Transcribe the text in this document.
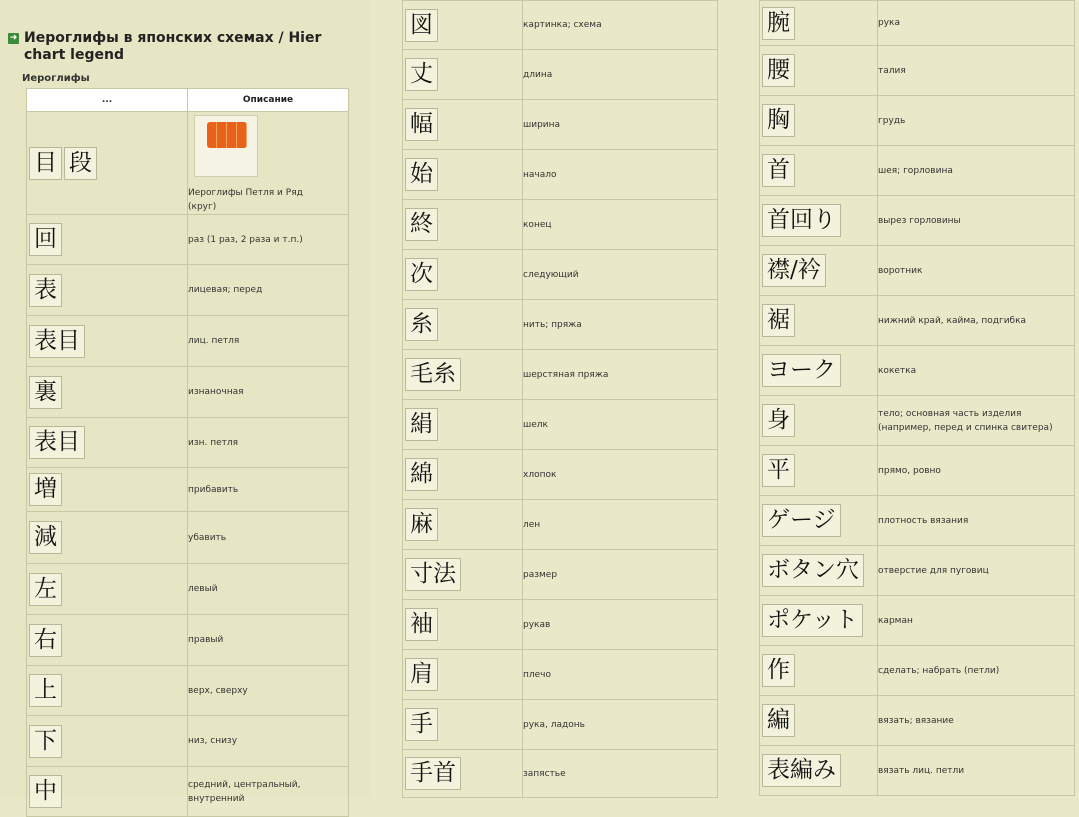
➜ Иероглифы в японских схемах / Hier chart legend
Иероглифы
...	Описание
目 段	Иероглифы Петля и Ряд (круг)
回	раз (1 раз, 2 раза и т.п.)
表	лицевая; перед
表目	лиц. петля
裏	изнаночная
表目	изн. петля
増	прибавить
減	убавить
左	левый
右	правый
上	верх, сверху
下	низ, снизу
中	средний, центральный, внутренний
図	картинка; схема
丈	длина
幅	ширина
始	начало
終	конец
次	следующий
糸	нить; пряжа
毛糸	шерстяная пряжа
絹	шелк
綿	хлопок
麻	лен
寸法	размер
袖	рукав
肩	плечо
手	рука, ладонь
手首	запястье
腕	рука
腰	талия
胸	грудь
首	шея; горловина
首回り	вырез горловины
襟/衿	воротник
裾	нижний край, кайма, подгибка
ヨーク	кокетка
身	тело; основная часть изделия (например, перед и спинка свитера)
平	прямо, ровно
ゲージ	плотность вязания
ボタン穴	отверстие для пуговиц
ポケット	карман
作	сделать; набрать (петли)
編	вязать; вязание
表編み	вязать лиц. петли
